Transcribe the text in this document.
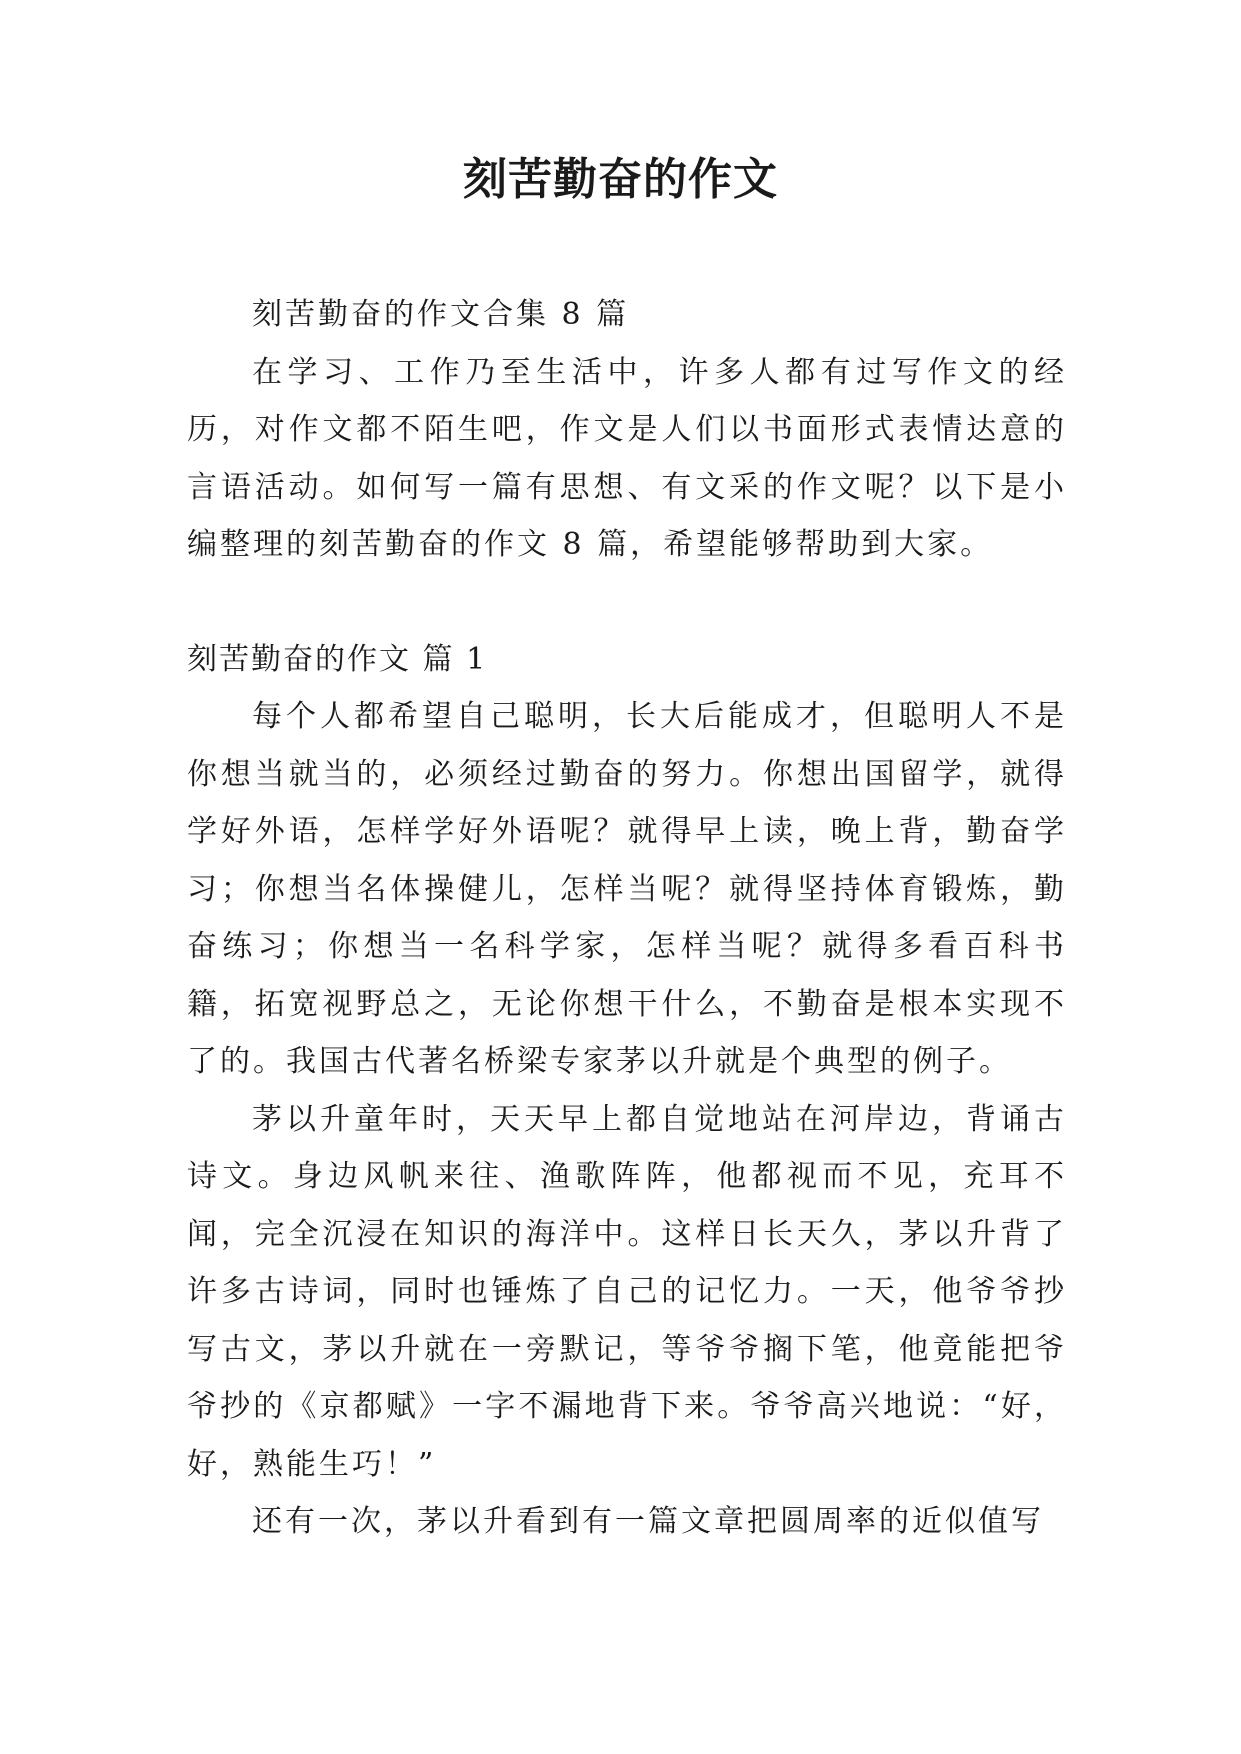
刻苦勤奋的作文

刻苦勤奋的作文合集 8 篇

在学习、工作乃至生活中，许多人都有过写作文的经历，对作文都不陌生吧，作文是人们以书面形式表情达意的言语活动。如何写一篇有思想、有文采的作文呢？以下是小编整理的刻苦勤奋的作文 8 篇，希望能够帮助到大家。

刻苦勤奋的作文 篇 1

每个人都希望自己聪明，长大后能成才，但聪明人不是你想当就当的，必须经过勤奋的努力。你想出国留学，就得学好外语，怎样学好外语呢？就得早上读，晚上背，勤奋学习；你想当名体操健儿，怎样当呢？就得坚持体育锻炼，勤奋练习；你想当一名科学家，怎样当呢？就得多看百科书籍，拓宽视野总之，无论你想干什么，不勤奋是根本实现不了的。我国古代著名桥梁专家茅以升就是个典型的例子。

茅以升童年时，天天早上都自觉地站在河岸边，背诵古诗文。身边风帆来往、渔歌阵阵，他都视而不见，充耳不闻，完全沉浸在知识的海洋中。这样日长天久，茅以升背了许多古诗词，同时也锤炼了自己的记忆力。一天，他爷爷抄写古文，茅以升就在一旁默记，等爷爷搁下笔，他竟能把爷爷抄的《京都赋》一字不漏地背下来。爷爷高兴地说：“好，好，熟能生巧！”

还有一次，茅以升看到有一篇文章把圆周率的近似值写
